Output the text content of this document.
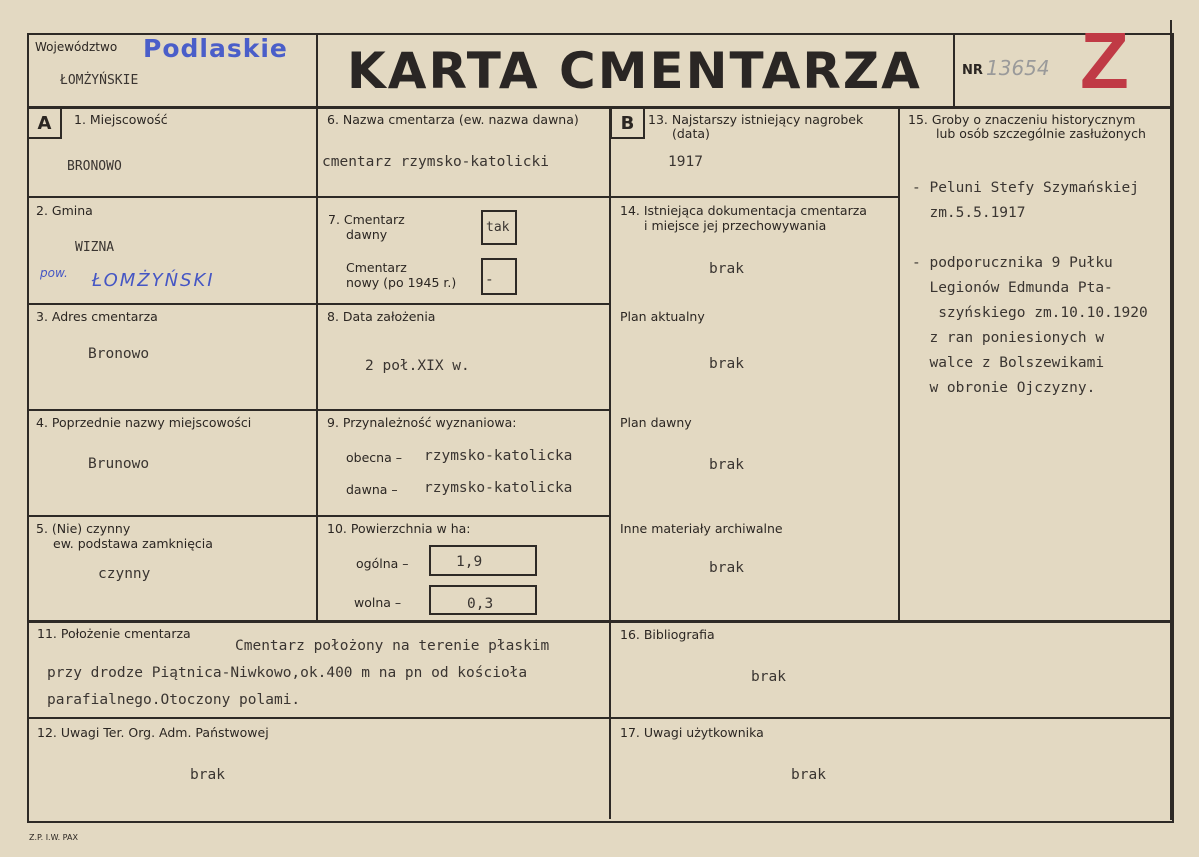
Województwo Podlaskie
ŁOMŻYŃSKIE	KARTA CMENTARZA	NR 13654 Z
A	B
1. Miejscowość
BRONOWO
2. Gmina
WIZNA
pow. ŁOMŻYŃSKI
3. Adres cmentarza
Bronowo
4. Poprzednie nazwy miejscowości
Brunowo
5. (Nie) czynny
ew. podstawa zamknięcia
czynny
6. Nazwa cmentarza (ew. nazwa dawna)
cmentarz rzymsko-katolicki
7. Cmentarz
dawny	tak
Cmentarz
nowy (po 1945 r.) -
8. Data założenia
2 poł.XIX w.
9. Przynależność wyznaniowa:
obecna – rzymsko-katolicka
dawna – rzymsko-katolicka
10. Powierzchnia w ha:
ogólna –	1,9
wolna –	0,3
13. Najstarszy istniejący nagrobek
(data)
1917
14. Istniejąca dokumentacja cmentarza
i miejsce jej przechowywania
brak
Plan aktualny
brak
Plan dawny
brak
Inne materiały archiwalne
brak
15. Groby o znaczeniu historycznym
lub osób szczególnie zasłużonych
- Peluni Stefy Szymańskiej
zm.5.5.1917
- podporucznika 9 Pułku
Legionów Edmunda Pta-
szyńskiego zm.10.10.1920
z ran poniesionych w
walce z Bolszewikami
w obronie Ojczyzny.
11. Położenie cmentarza
Cmentarz położony na terenie płaskim
przy drodze Piątnica-Niwkowo,ok.400 m na pn od kościoła
parafialnego.Otoczony polami.
12. Uwagi Ter. Org. Adm. Państwowej
brak
16. Bibliografia
brak
17. Uwagi użytkownika
brak
Z.P. I.W. PAX
